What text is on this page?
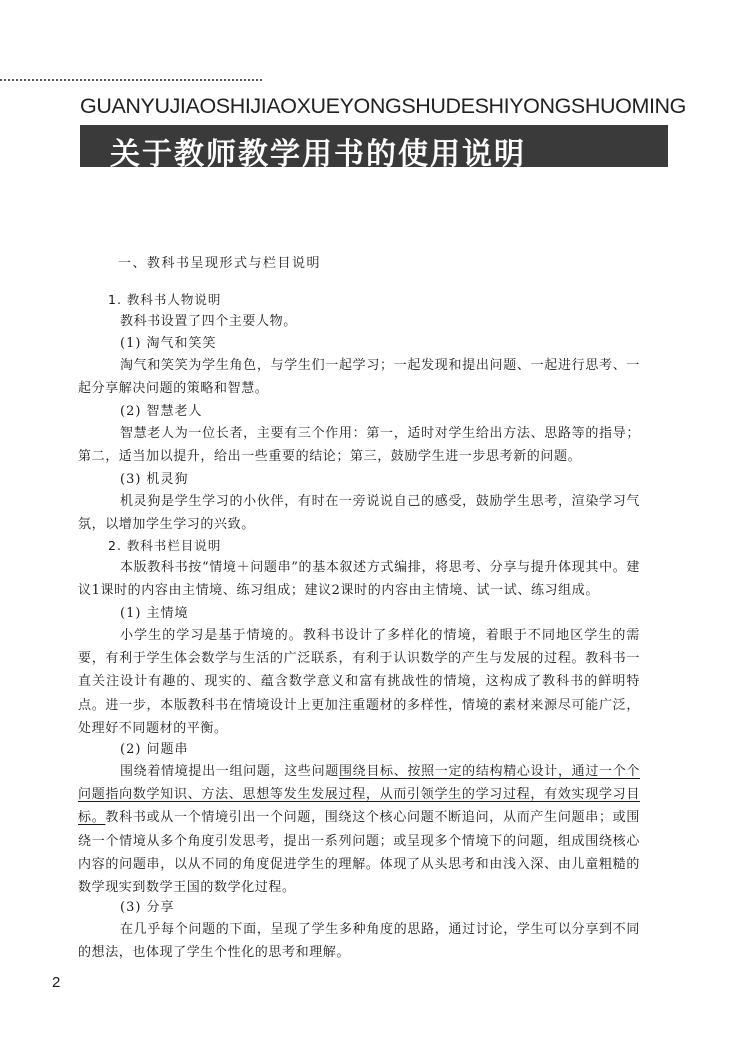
GUANYUJIAOSHIJIAOXUEYONGSHUDESHIYONGSHUOMING
关于教师教学用书的使用说明
一、教科书呈现形式与栏目说明
1. 教科书人物说明
教科书设置了四个主要人物。
(1) 淘气和笑笑
淘气和笑笑为学生角色，与学生们一起学习；一起发现和提出问题、一起进行思考、一起分享解决问题的策略和智慧。
(2) 智慧老人
智慧老人为一位长者，主要有三个作用：第一，适时对学生给出方法、思路等的指导；第二，适当加以提升，给出一些重要的结论；第三，鼓励学生进一步思考新的问题。
(3) 机灵狗
机灵狗是学生学习的小伙伴，有时在一旁说说自己的感受，鼓励学生思考，渲染学习气氛，以增加学生学习的兴致。
2. 教科书栏目说明
本版教科书按“情境＋问题串”的基本叙述方式编排，将思考、分享与提升体现其中。建议1课时的内容由主情境、练习组成；建议2课时的内容由主情境、试一试、练习组成。
(1) 主情境
小学生的学习是基于情境的。教科书设计了多样化的情境，着眼于不同地区学生的需要，有利于学生体会数学与生活的广泛联系，有利于认识数学的产生与发展的过程。教科书一直关注设计有趣的、现实的、蕴含数学意义和富有挑战性的情境，这构成了教科书的鲜明特点。进一步，本版教科书在情境设计上更加注重题材的多样性，情境的素材来源尽可能广泛，处理好不同题材的平衡。
(2) 问题串
围绕着情境提出一组问题，这些问题围绕目标、按照一定的结构精心设计，通过一个个问题指向数学知识、方法、思想等发生发展过程，从而引领学生的学习过程，有效实现学习目标。教科书或从一个情境引出一个问题，围绕这个核心问题不断追问，从而产生问题串；或围绕一个情境从多个角度引发思考，提出一系列问题；或呈现多个情境下的问题，组成围绕核心内容的问题串，以从不同的角度促进学生的理解。体现了从头思考和由浅入深、由儿童粗糙的数学现实到数学王国的数学化过程。
(3) 分享
在几乎每个问题的下面，呈现了学生多种角度的思路，通过讨论，学生可以分享到不同的想法，也体现了学生个性化的思考和理解。
2
